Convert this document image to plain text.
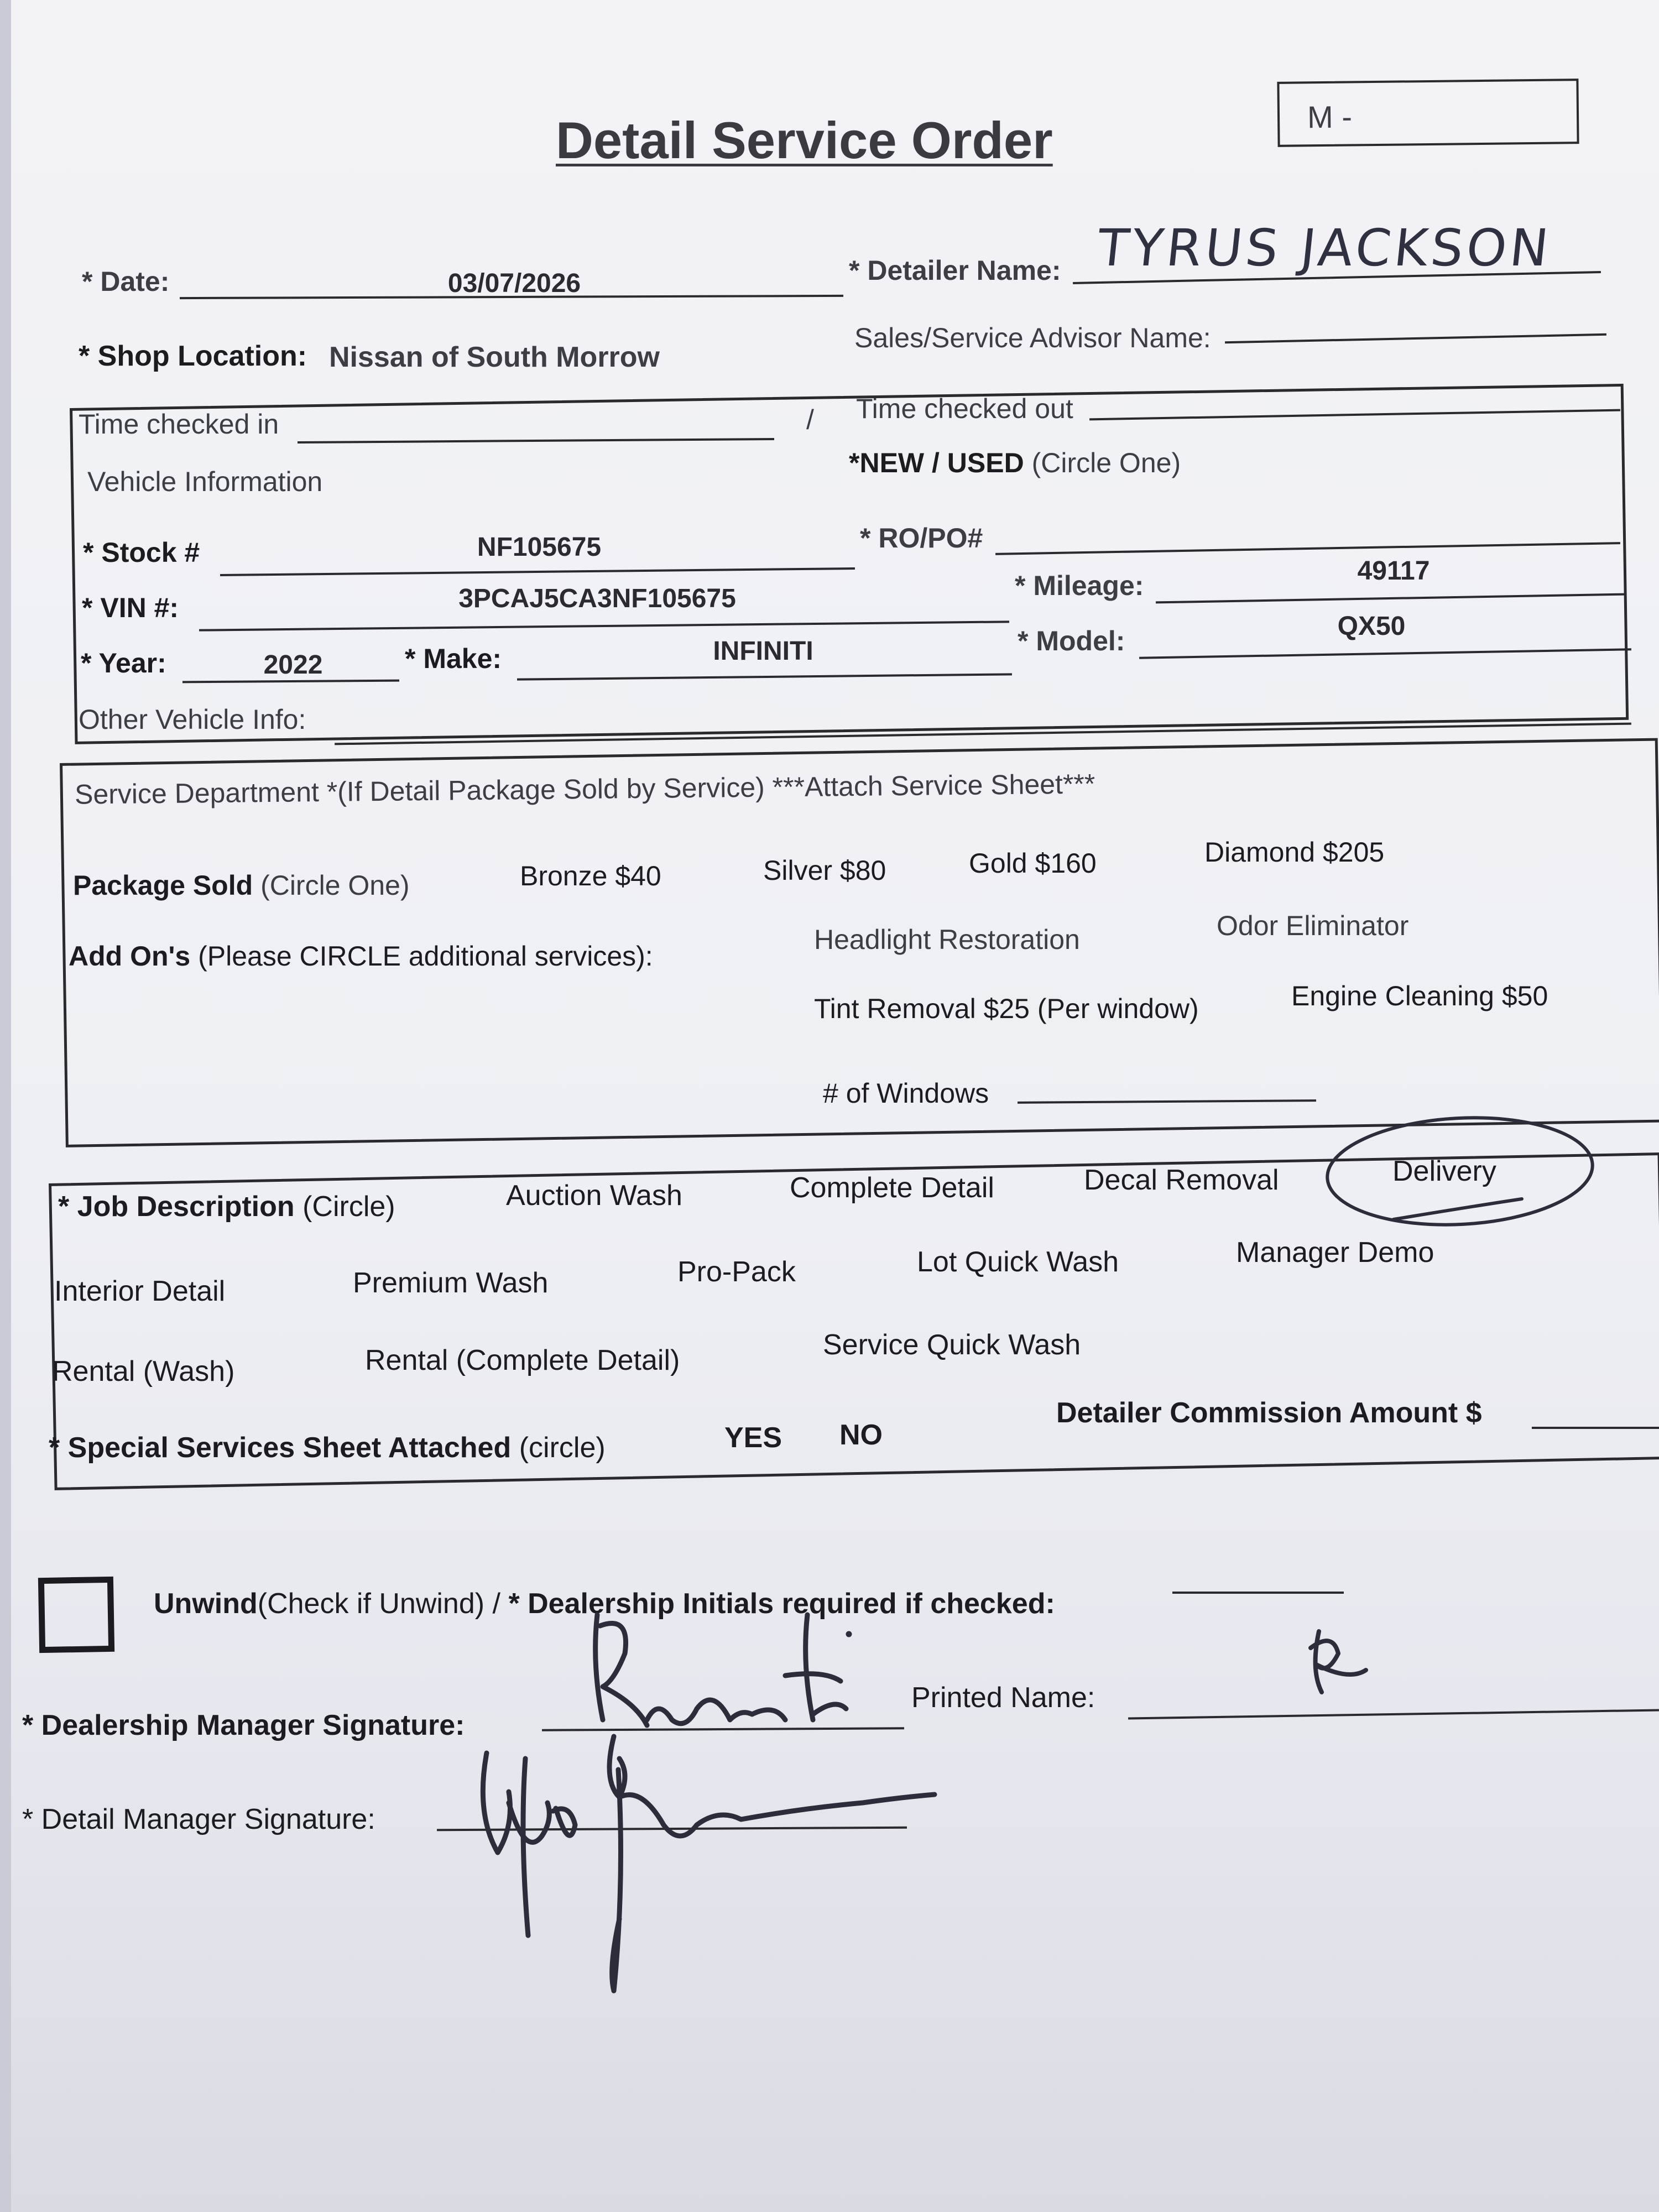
Detail Service Order	M -
* Date:	03/07/2026	* Detailer Name: TYRUS JACKSON
* Shop Location: Nissan of South Morrow
Sales/Service Advisor Name:
Time checked in	/ Time checked out
Vehicle Information
*NEW / USED (Circle One)
* Stock #	NF105675	* RO/PO#
* VIN #:	3PCAJ5CA3NF105675	* Mileage:	49117
* Year:	2022	* Make:	INFINITI	* Model:	QX50
Other Vehicle Info:
Service Department *(If Detail Package Sold by Service) ***Attach Service Sheet***
Package Sold (Circle One)	Bronze $40	Silver $80	Gold $160	Diamond $205
Add On's (Please CIRCLE additional services):
Headlight Restoration	Odor Eliminator
Tint Removal $25 (Per window)	Engine Cleaning $50
# of Windows
* Job Description (Circle)	Auction Wash	Complete Detail	Decal Removal	Delivery
Interior Detail	Premium Wash	Pro-Pack	Lot Quick Wash	Manager Demo
Rental (Wash)	Rental (Complete Detail)	Service Quick Wash
* Special Services Sheet Attached (circle)	YES NO
Detailer Commission Amount $
Unwind(Check if Unwind) / * Dealership Initials required if checked:
* Dealership Manager Signature:
Printed Name:
* Detail Manager Signature:
